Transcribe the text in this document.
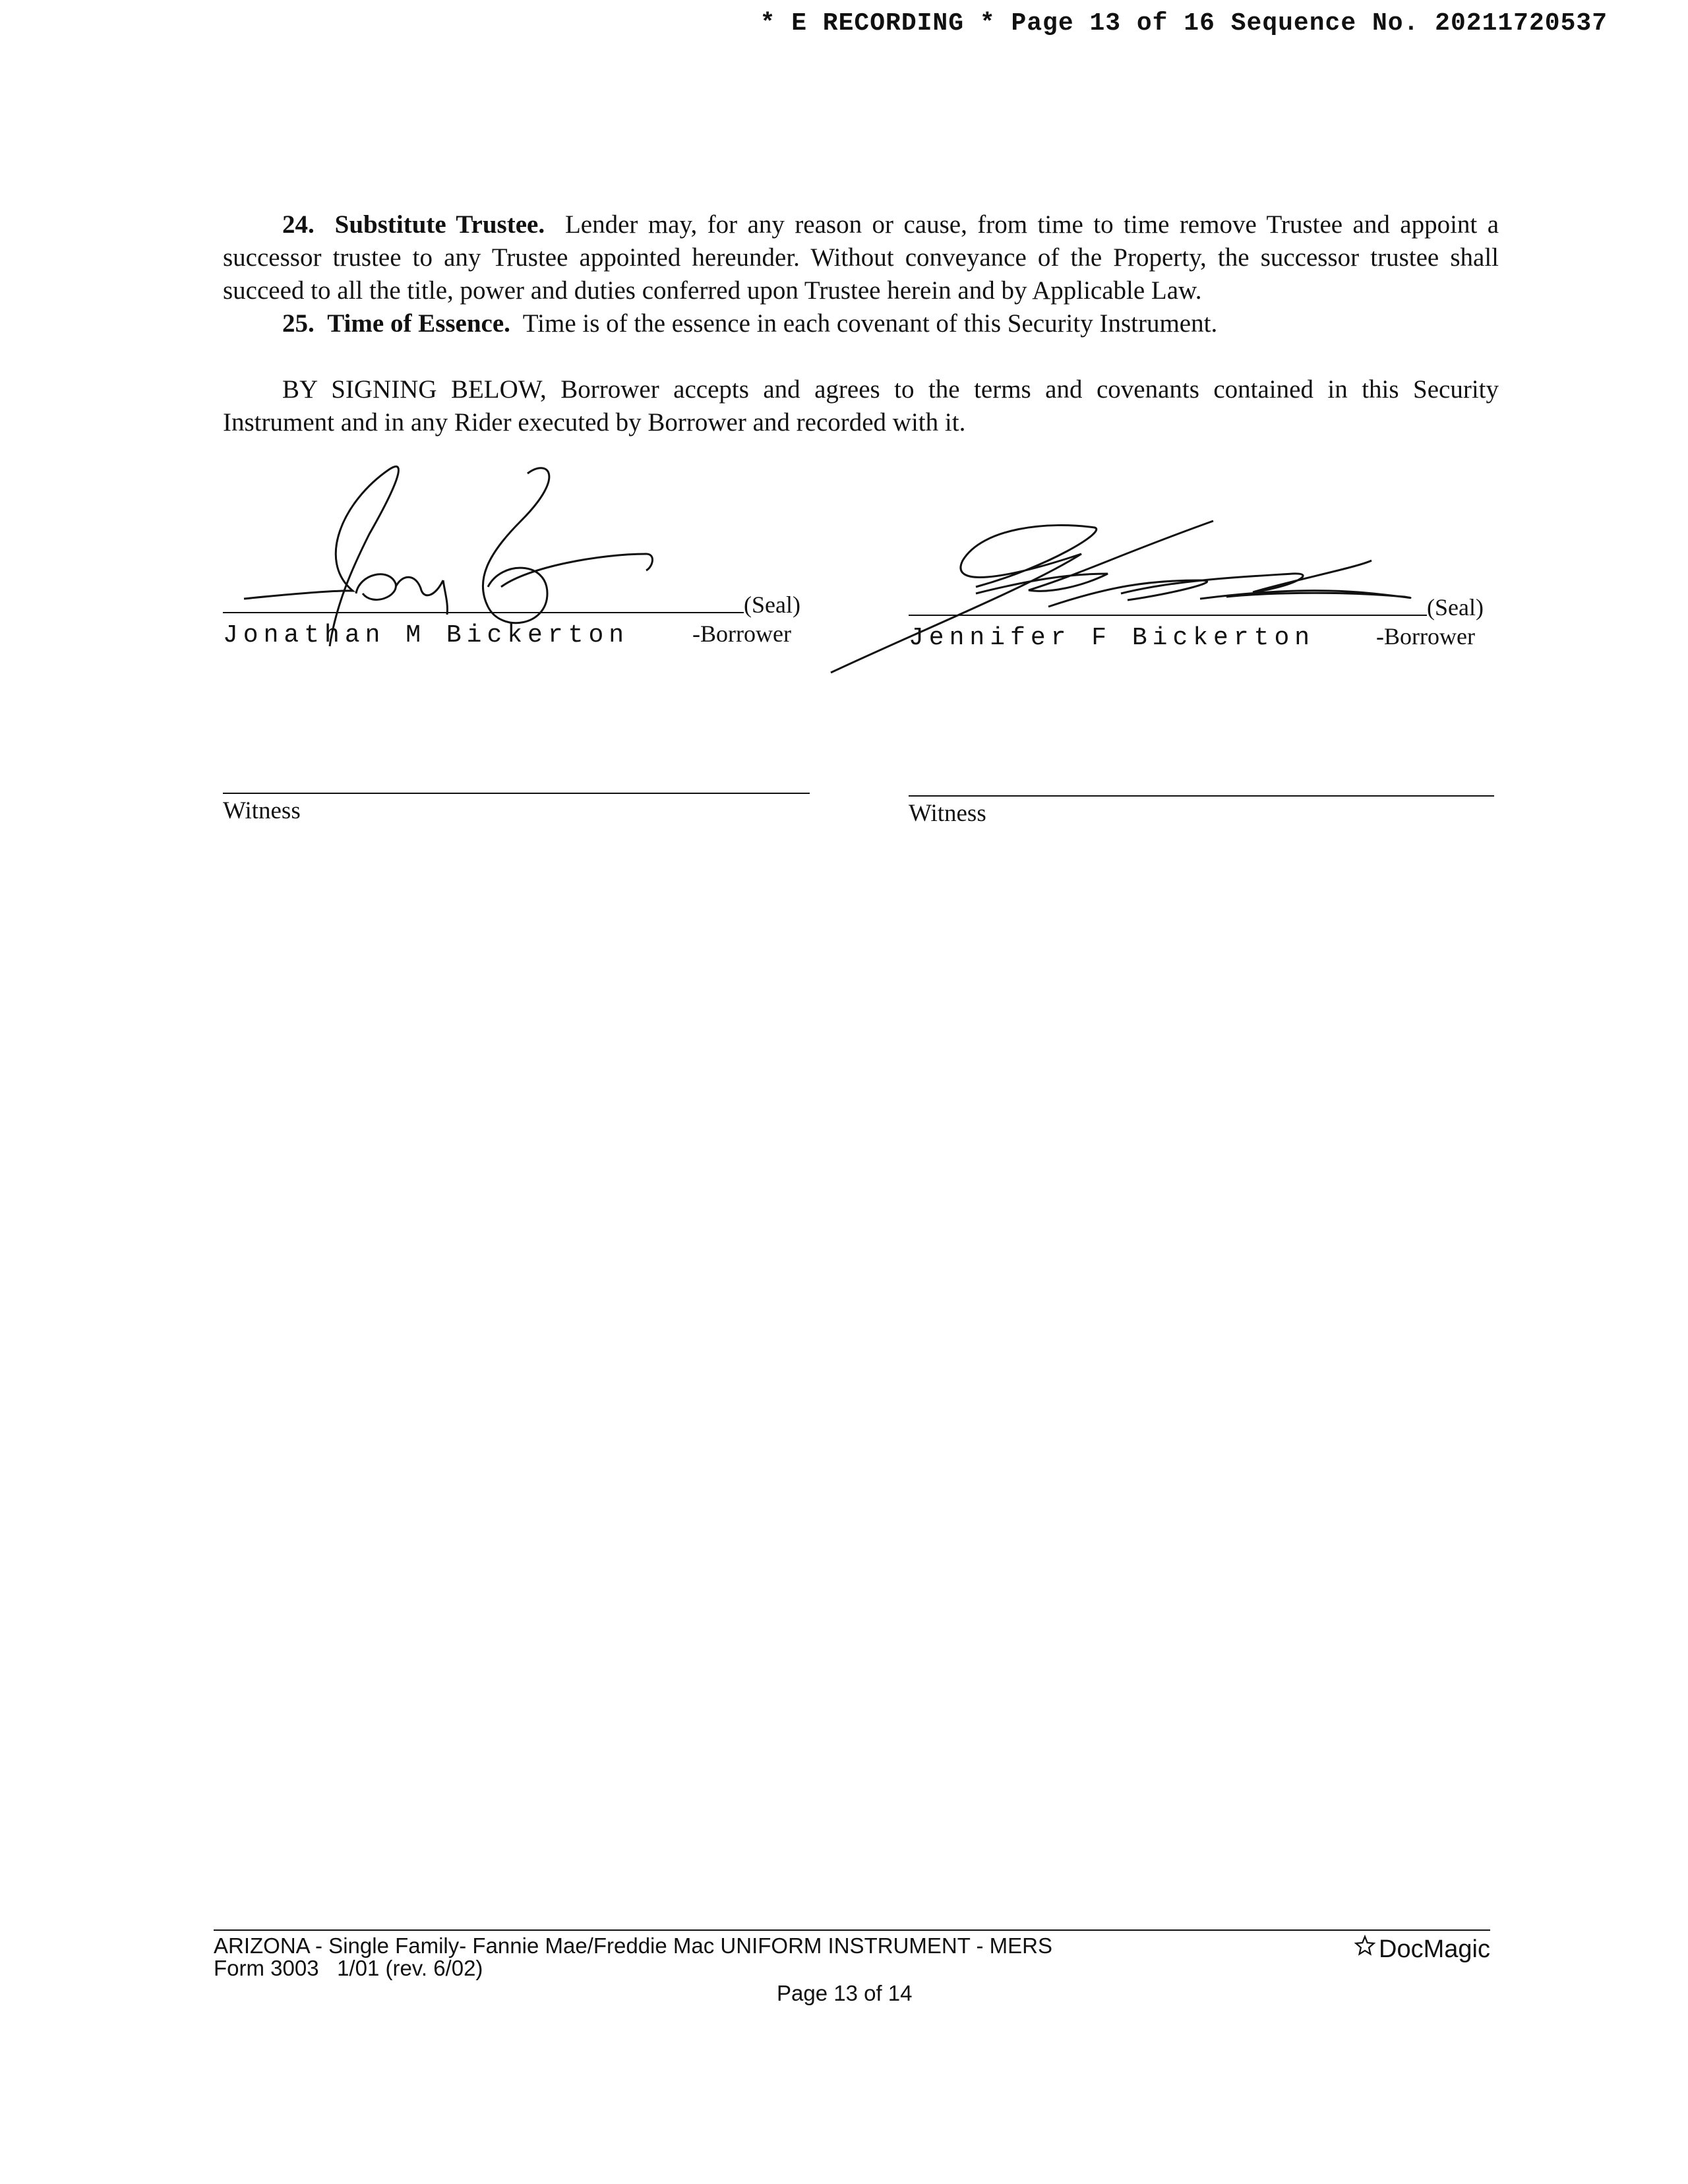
* E RECORDING * Page 13 of 16 Sequence No. 20211720537
24. Substitute Trustee. Lender may, for any reason or cause, from time to time remove Trustee and appoint a successor trustee to any Trustee appointed hereunder. Without conveyance of the Property, the successor trustee shall succeed to all the title, power and duties conferred upon Trustee herein and by Applicable Law.
25. Time of Essence. Time is of the essence in each covenant of this Security Instrument.
BY SIGNING BELOW, Borrower accepts and agrees to the terms and covenants contained in this Security Instrument and in any Rider executed by Borrower and recorded with it.
(Seal)
Jonathan M Bickerton	-Borrower
(Seal)
Jennifer F Bickerton	-Borrower
Witness	Witness
ARIZONA - Single Family- Fannie Mae/Freddie Mac UNIFORM INSTRUMENT - MERS
Form 3003   1/01 (rev. 6/02)
Page 13 of 14
DocMagic
